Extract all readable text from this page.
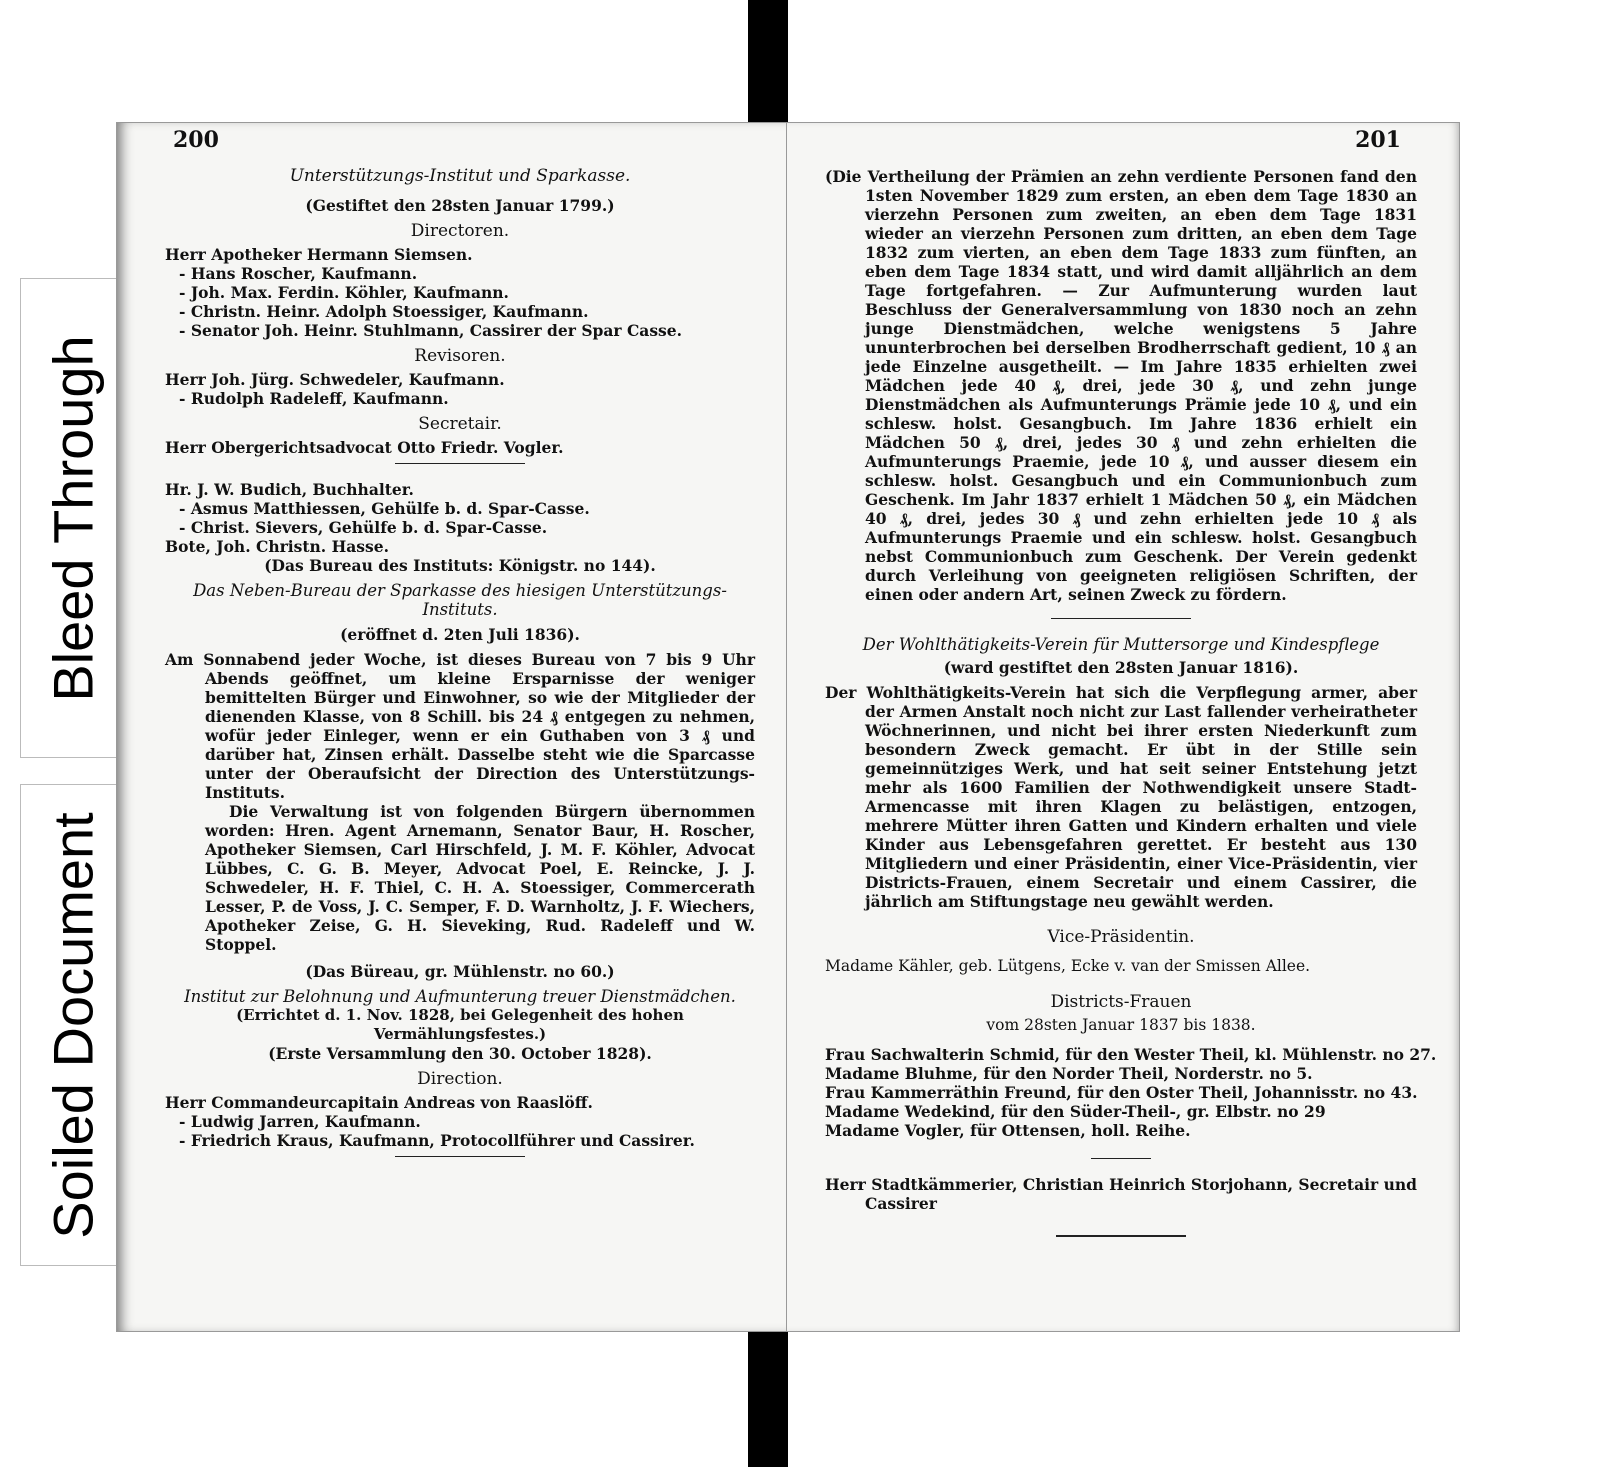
Bleed Through
Soiled Document
200
Unterstützungs-Institut und Sparkasse.
(Gestiftet den 28sten Januar 1799.)
Directoren.
Herr Apotheker Hermann Siemsen.
- Hans Roscher, Kaufmann.
- Joh. Max. Ferdin. Köhler, Kaufmann.
- Christn. Heinr. Adolph Stoessiger, Kaufmann.
- Senator Joh. Heinr. Stuhlmann, Cassirer der Spar Casse.
Revisoren.
Herr Joh. Jürg. Schwedeler, Kaufmann.
- Rudolph Radeleff, Kaufmann.
Secretair.
Herr Obergerichtsadvocat Otto Friedr. Vogler.
Hr. J. W. Budich, Buchhalter.
- Asmus Matthiessen, Gehülfe b. d. Spar-Casse.
- Christ. Sievers, Gehülfe b. d. Spar-Casse.
Bote, Joh. Christn. Hasse.
(Das Bureau des Instituts: Königstr. no 144).
Das Neben-Bureau der Sparkasse des hiesigen Unterstützungs-Instituts.
(eröffnet d. 2ten Juli 1836).
Am Sonnabend jeder Woche, ist dieses Bureau von 7 bis 9 Uhr Abends geöffnet, um kleine Ersparnisse der weniger bemittelten Bürger und Einwohner, so wie der Mitglieder der dienenden Klasse, von 8 Schill. bis 24 ₰ entgegen zu nehmen, wofür jeder Einleger, wenn er ein Guthaben von 3 ₰ und darüber hat, Zinsen erhält. Dasselbe steht wie die Sparcasse unter der Oberaufsicht der Direction des Unterstützungs-Instituts.
Die Verwaltung ist von folgenden Bürgern übernommen worden: Hren. Agent Arnemann, Senator Baur, H. Roscher, Apotheker Siemsen, Carl Hirschfeld, J. M. F. Köhler, Advocat Lübbes, C. G. B. Meyer, Advocat Poel, E. Reincke, J. J. Schwedeler, H. F. Thiel, C. H. A. Stoessiger, Commercerath Lesser, P. de Voss, J. C. Semper, F. D. Warnholtz, J. F. Wiechers, Apotheker Zeise, G. H. Sieveking, Rud. Radeleff und W. Stoppel.
(Das Büreau, gr. Mühlenstr. no 60.)
Institut zur Belohnung und Aufmunterung treuer Dienstmädchen.
(Errichtet d. 1. Nov. 1828, bei Gelegenheit des hohen Vermählungsfestes.)
(Erste Versammlung den 30. October 1828).
Direction.
Herr Commandeurcapitain Andreas von Raaslöff.
- Ludwig Jarren, Kaufmann.
- Friedrich Kraus, Kaufmann, Protocollführer und Cassirer.
201
(Die Vertheilung der Prämien an zehn verdiente Personen fand den 1sten November 1829 zum ersten, an eben dem Tage 1830 an vierzehn Personen zum zweiten, an eben dem Tage 1831 wieder an vierzehn Personen zum dritten, an eben dem Tage 1832 zum vierten, an eben dem Tage 1833 zum fünften, an eben dem Tage 1834 statt, und wird damit alljährlich an dem Tage fortgefahren. — Zur Aufmunterung wurden laut Beschluss der Generalversammlung von 1830 noch an zehn junge Dienstmädchen, welche wenigstens 5 Jahre ununterbrochen bei derselben Brodherrschaft gedient, 10 ₰ an jede Einzelne ausgetheilt. — Im Jahre 1835 erhielten zwei Mädchen jede 40 ₰, drei, jede 30 ₰, und zehn junge Dienstmädchen als Aufmunterungs Prämie jede 10 ₰, und ein schlesw. holst. Gesangbuch. Im Jahre 1836 erhielt ein Mädchen 50 ₰, drei, jedes 30 ₰ und zehn erhielten die Aufmunterungs Praemie, jede 10 ₰, und ausser diesem ein schlesw. holst. Gesangbuch und ein Communionbuch zum Geschenk. Im Jahr 1837 erhielt 1 Mädchen 50 ₰, ein Mädchen 40 ₰, drei, jedes 30 ₰ und zehn erhielten jede 10 ₰ als Aufmunterungs Praemie und ein schlesw. holst. Gesangbuch nebst Communionbuch zum Geschenk. Der Verein gedenkt durch Verleihung von geeigneten religiösen Schriften, der einen oder andern Art, seinen Zweck zu fördern.
Der Wohlthätigkeits-Verein für Muttersorge und Kindespflege
(ward gestiftet den 28sten Januar 1816).
Der Wohlthätigkeits-Verein hat sich die Verpflegung armer, aber der Armen Anstalt noch nicht zur Last fallender verheiratheter Wöchnerinnen, und nicht bei ihrer ersten Niederkunft zum besondern Zweck gemacht. Er übt in der Stille sein gemeinnütziges Werk, und hat seit seiner Entstehung jetzt mehr als 1600 Familien der Nothwendigkeit unsere Stadt-Armencasse mit ihren Klagen zu belästigen, entzogen, mehrere Mütter ihren Gatten und Kindern erhalten und viele Kinder aus Lebensgefahren gerettet. Er besteht aus 130 Mitgliedern und einer Präsidentin, einer Vice-Präsidentin, vier Districts-Frauen, einem Secretair und einem Cassirer, die jährlich am Stiftungstage neu gewählt werden.
Vice-Präsidentin.
Madame Kähler, geb. Lütgens, Ecke v. van der Smissen Allee.
Districts-Frauen
vom 28sten Januar 1837 bis 1838.
Frau Sachwalterin Schmid, für den Wester Theil, kl. Mühlenstr. no 27.
Madame Bluhme, für den Norder Theil, Norderstr. no 5.
Frau Kammerräthin Freund, für den Oster Theil, Johannisstr. no 43.
Madame Wedekind, für den Süder-Theil-, gr. Elbstr. no 29
Madame Vogler, für Ottensen, holl. Reihe.
Herr Stadtkämmerier, Christian Heinrich Storjohann, Secretair und Cassirer
